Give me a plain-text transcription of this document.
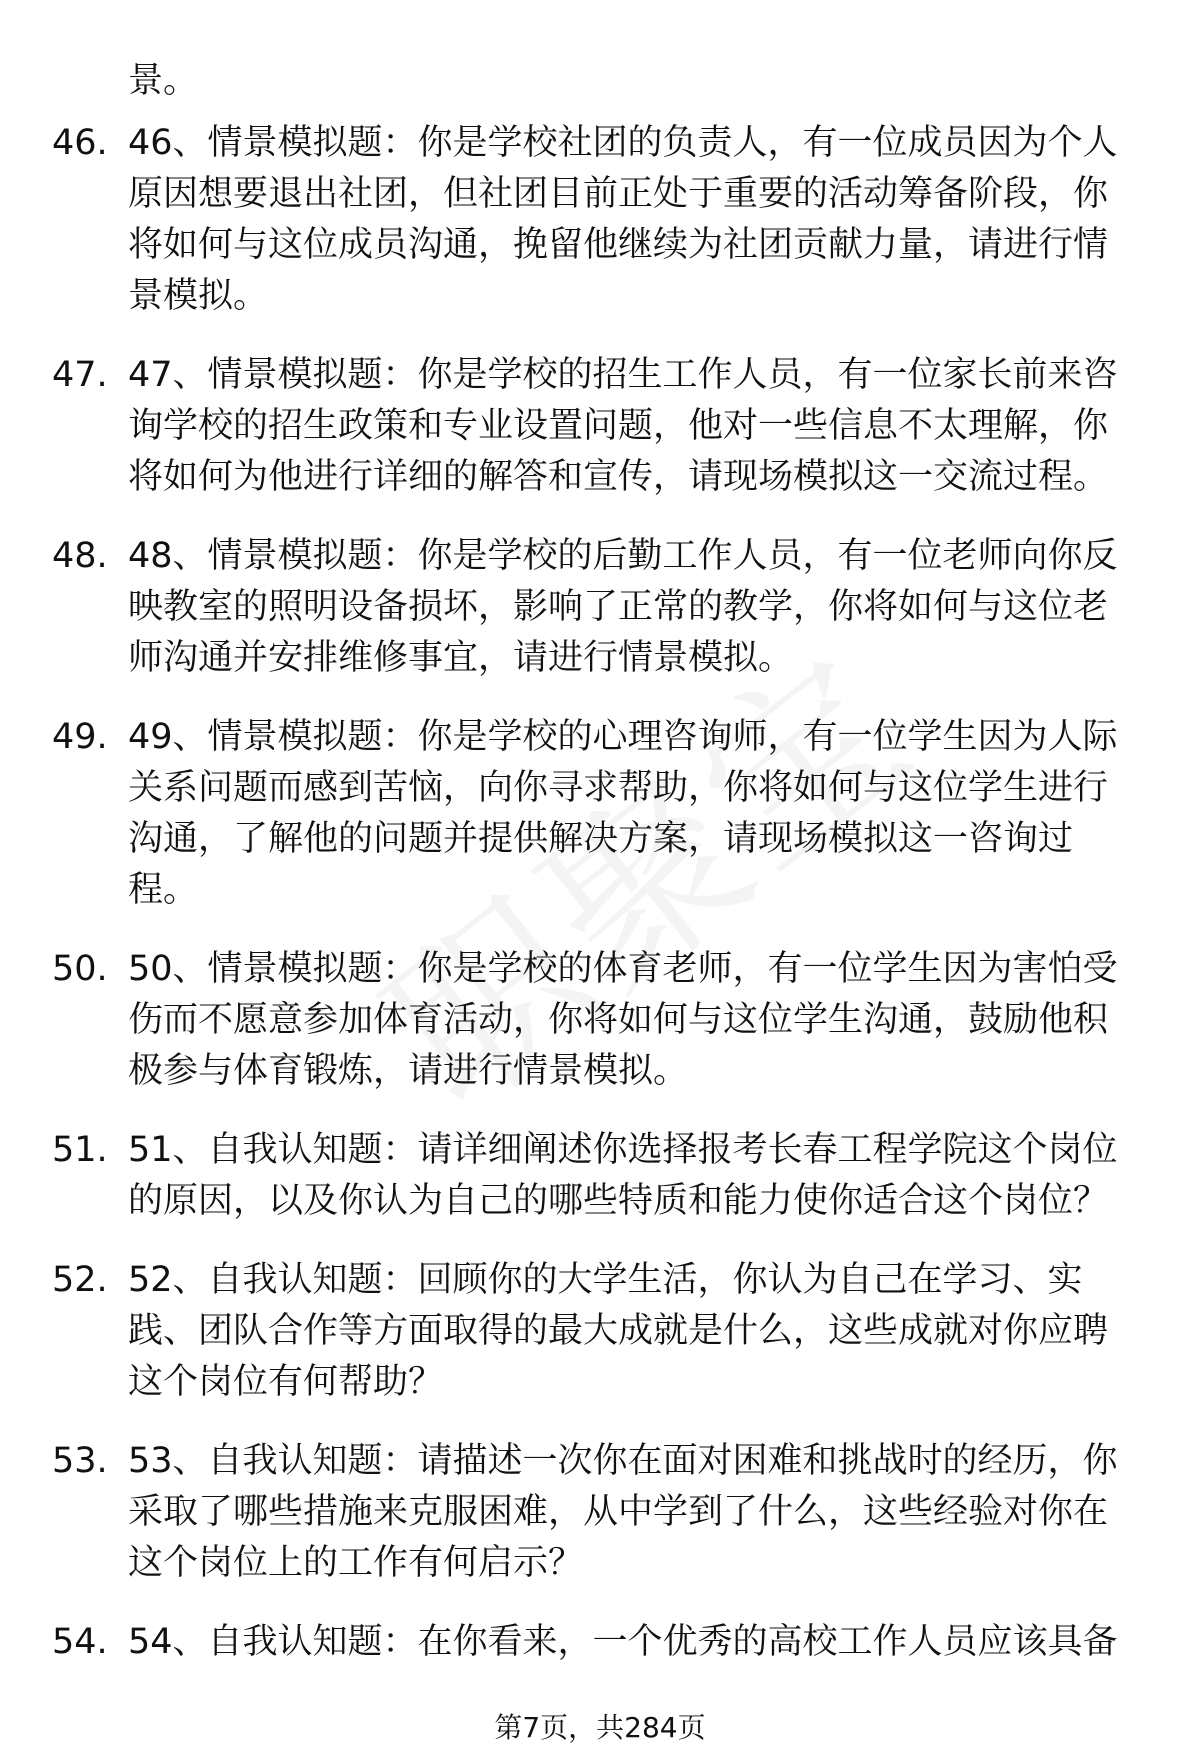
景。

46. 46、情景模拟题：你是学校社团的负责人，有一位成员因为个人原因想要退出社团，但社团目前正处于重要的活动筹备阶段，你将如何与这位成员沟通，挽留他继续为社团贡献力量，请进行情景模拟。
47. 47、情景模拟题：你是学校的招生工作人员，有一位家长前来咨询学校的招生政策和专业设置问题，他对一些信息不太理解，你将如何为他进行详细的解答和宣传，请现场模拟这一交流过程。
48. 48、情景模拟题：你是学校的后勤工作人员，有一位老师向你反映教室的照明设备损坏，影响了正常的教学，你将如何与这位老师沟通并安排维修事宜，请进行情景模拟。
49. 49、情景模拟题：你是学校的心理咨询师，有一位学生因为人际关系问题而感到苦恼，向你寻求帮助，你将如何与这位学生进行沟通，了解他的问题并提供解决方案，请现场模拟这一咨询过程。
50. 50、情景模拟题：你是学校的体育老师，有一位学生因为害怕受伤而不愿意参加体育活动，你将如何与这位学生沟通，鼓励他积极参与体育锻炼，请进行情景模拟。
51. 51、自我认知题：请详细阐述你选择报考长春工程学院这个岗位的原因，以及你认为自己的哪些特质和能力使你适合这个岗位？
52. 52、自我认知题：回顾你的大学生活，你认为自己在学习、实践、团队合作等方面取得的最大成就是什么，这些成就对你应聘这个岗位有何帮助？
53. 53、自我认知题：请描述一次你在面对困难和挑战时的经历，你采取了哪些措施来克服困难，从中学到了什么，这些经验对你在这个岗位上的工作有何启示？
54. 54、自我认知题：在你看来，一个优秀的高校工作人员应该具备
第7页，共284页
